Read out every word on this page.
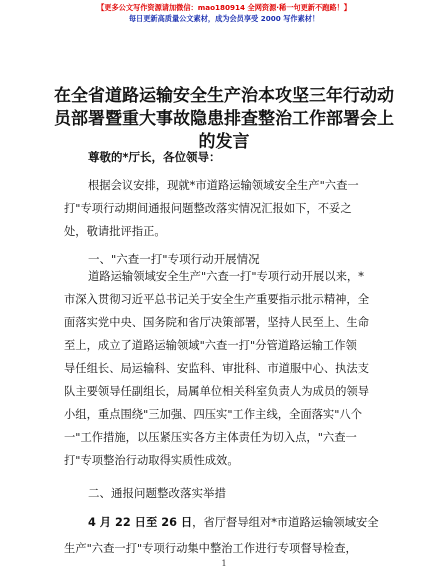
【更多公文写作资源请加微信：mao180914 全网资源·稀一句更新不跑路！】
每日更新高质量公文素材，成为会员享受 2000 写作素材！
在全省道路运输安全生产治本攻坚三年行动动
员部署暨重大事故隐患排查整治工作部署会上
的发言
尊敬的*厅长，各位领导：

根据会议安排，现就*市道路运输领域安全生产"六查一
打"专项行动期间通报问题整改落实情况汇报如下，不妥之
处，敬请批评指正。

一、"六查一打"专项行动开展情况

道路运输领域安全生产"六查一打"专项行动开展以来，*
市深入贯彻习近平总书记关于安全生产重要指示批示精神，全
面落实党中央、国务院和省厅决策部署，坚持人民至上、生命
至上，成立了道路运输领域"六查一打"分管道路运输工作领
导任组长、局运输科、安监科、审批科、市道服中心、执法支
队主要领导任副组长，局属单位相关科室负责人为成员的领导
小组，重点围绕"三加强、四压实"工作主线，全面落实"八个
一"工作措施，以压紧压实各方主体责任为切入点，"六查一
打"专项整治行动取得实质性成效。

二、通报问题整改落实举措
4 月 22 日至 26 日，省厅督导组对*市道路运输领域安全

生产"六查一打"专项行动集中整治工作进行专项督导检查，

1
